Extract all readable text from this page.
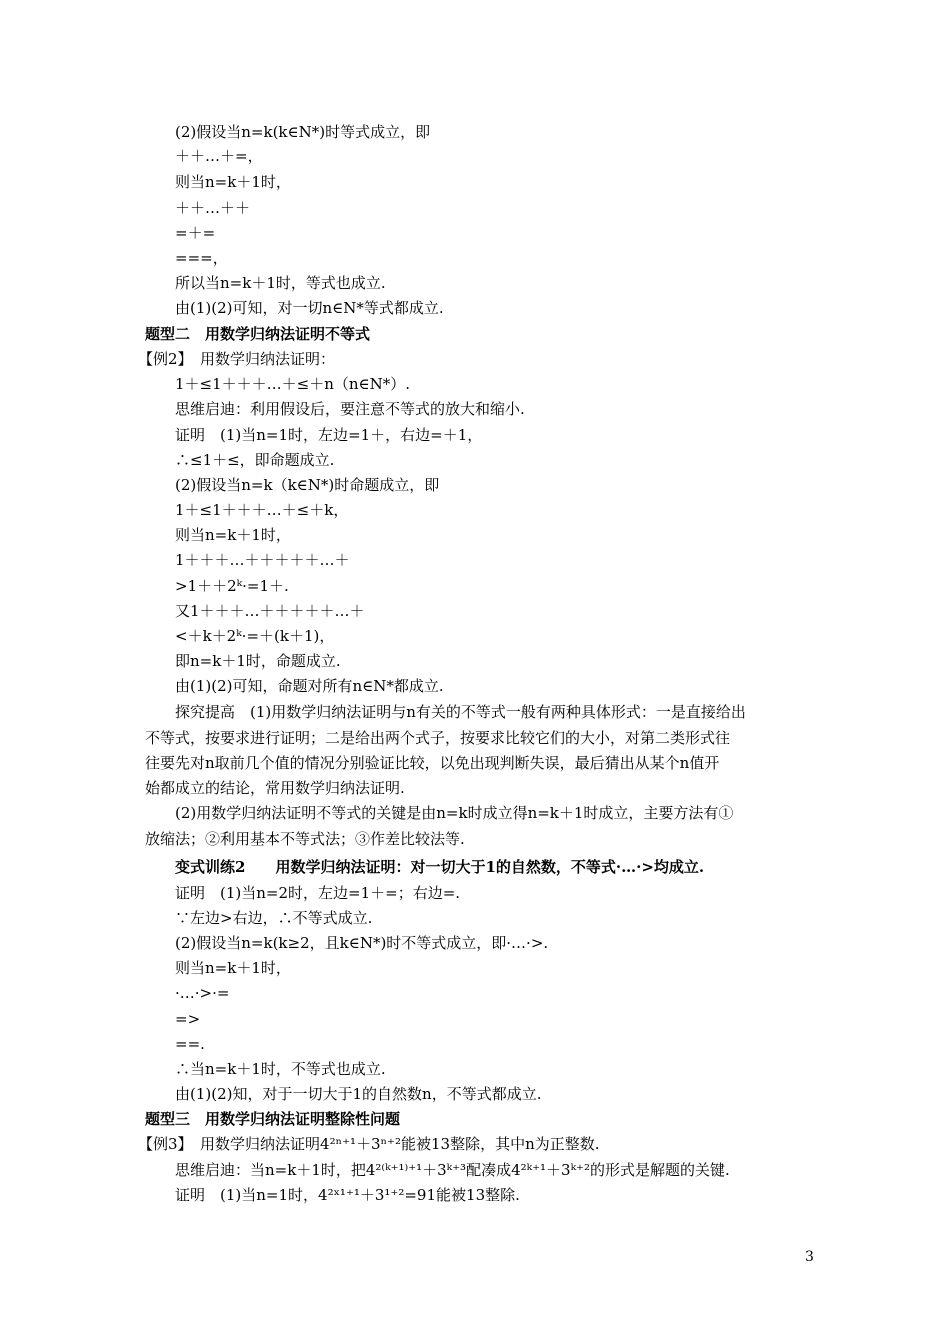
(2)假设当n=k(k∈N*)时等式成立，即
＋＋…＋=，
则当n=k＋1时，
＋＋…＋＋
=＋=
===，
所以当n=k＋1时，等式也成立.
由(1)(2)可知，对一切n∈N*等式都成立.
题型二　用数学归纳法证明不等式
【例2】　用数学归纳法证明：
1＋≤1＋＋＋…＋≤＋n（n∈N*）.
思维启迪：利用假设后，要注意不等式的放大和缩小.
证明　(1)当n=1时，左边=1＋，右边=＋1，
∴≤1＋≤，即命题成立.
(2)假设当n=k（k∈N*)时命题成立，即
1＋≤1＋＋＋…＋≤＋k，
则当n=k＋1时，
1＋＋＋…＋＋＋＋＋…＋
>1＋＋2ᵏ·=1＋.
又1＋＋＋…＋＋＋＋＋…＋
<＋k＋2ᵏ·=＋(k＋1)，
即n=k＋1时，命题成立.
由(1)(2)可知，命题对所有n∈N*都成立.
探究提高　(1)用数学归纳法证明与n有关的不等式一般有两种具体形式：一是直接给出
不等式，按要求进行证明；二是给出两个式子，按要求比较它们的大小，对第二类形式往
往要先对n取前几个值的情况分别验证比较，以免出现判断失误，最后猜出从某个n值开
始都成立的结论，常用数学归纳法证明.
(2)用数学归纳法证明不等式的关键是由n=k时成立得n=k＋1时成立，主要方法有①
放缩法；②利用基本不等式法；③作差比较法等.
变式训练2　　用数学归纳法证明：对一切大于1的自然数，不等式·…·>均成立.
证明　(1)当n=2时，左边=1＋=；右边=.
∵左边>右边，∴不等式成立.
(2)假设当n=k(k≥2，且k∈N*)时不等式成立，即·…·>.
则当n=k＋1时，
·…·>·=
=>
==.
∴当n=k＋1时，不等式也成立.
由(1)(2)知，对于一切大于1的自然数n，不等式都成立.
题型三　用数学归纳法证明整除性问题
【例3】　用数学归纳法证明4²ⁿ⁺¹＋3ⁿ⁺²能被13整除，其中n为正整数.
思维启迪：当n=k＋1时，把4²⁽ᵏ⁺¹⁾⁺¹＋3ᵏ⁺³配凑成4²ᵏ⁺¹＋3ᵏ⁺²的形式是解题的关键.
证明　(1)当n=1时，4²ˣ¹⁺¹＋3¹⁺²=91能被13整除.
3
